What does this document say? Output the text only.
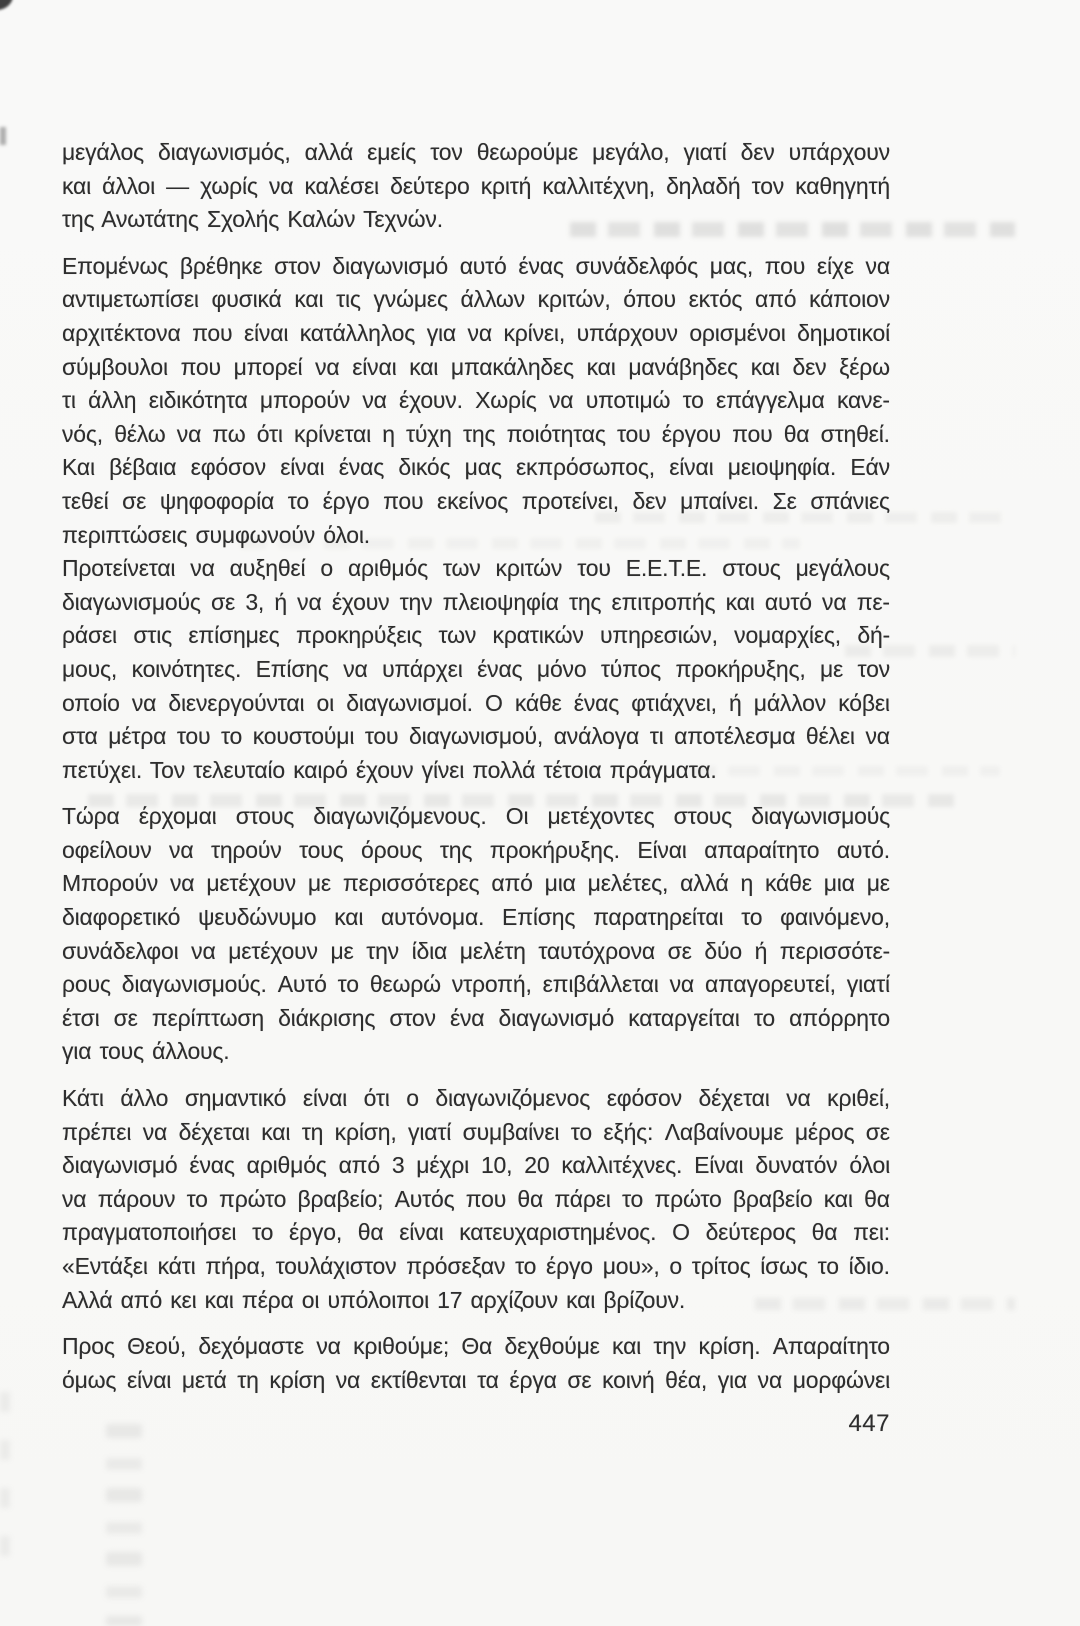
μεγάλος διαγωνισμός, αλλά εμείς τον θεωρούμε μεγάλο, γιατί δεν υπάρχουν
και άλλοι — χωρίς να καλέσει δεύτερο κριτή καλλιτέχνη, δηλαδή τον καθηγητή
της Ανωτάτης Σχολής Καλών Τεχνών.
Επομένως βρέθηκε στον διαγωνισμό αυτό ένας συνάδελφός μας, που είχε να
αντιμετωπίσει φυσικά και τις γνώμες άλλων κριτών, όπου εκτός από κάποιον
αρχιτέκτονα που είναι κατάλληλος για να κρίνει, υπάρχουν ορισμένοι δημοτικοί
σύμβουλοι που μπορεί να είναι και μπακάληδες και μανάβηδες και δεν ξέρω
τι άλλη ειδικότητα μπορούν να έχουν. Χωρίς να υποτιμώ το επάγγελμα κανε-
νός, θέλω να πω ότι κρίνεται η τύχη της ποιότητας του έργου που θα στηθεί.
Και βέβαια εφόσον είναι ένας δικός μας εκπρόσωπος, είναι μειοψηφία. Εάν
τεθεί σε ψηφοφορία το έργο που εκείνος προτείνει, δεν μπαίνει. Σε σπάνιες
περιπτώσεις συμφωνούν όλοι.
Προτείνεται να αυξηθεί ο αριθμός των κριτών του Ε.Ε.Τ.Ε. στους μεγάλους
διαγωνισμούς σε 3, ή να έχουν την πλειοψηφία της επιτροπής και αυτό να πε-
ράσει στις επίσημες προκηρύξεις των κρατικών υπηρεσιών, νομαρχίες, δή-
μους, κοινότητες. Επίσης να υπάρχει ένας μόνο τύπος προκήρυξης, με τον
οποίο να διενεργούνται οι διαγωνισμοί. Ο κάθε ένας φτιάχνει, ή μάλλον κόβει
στα μέτρα του το κουστούμι του διαγωνισμού, ανάλογα τι αποτέλεσμα θέλει να
πετύχει. Τον τελευταίο καιρό έχουν γίνει πολλά τέτοια πράγματα.
Τώρα έρχομαι στους διαγωνιζόμενους. Οι μετέχοντες στους διαγωνισμούς
οφείλουν να τηρούν τους όρους της προκήρυξης. Είναι απαραίτητο αυτό.
Μπορούν να μετέχουν με περισσότερες από μια μελέτες, αλλά η κάθε μια με
διαφορετικό ψευδώνυμο και αυτόνομα. Επίσης παρατηρείται το φαινόμενο,
συνάδελφοι να μετέχουν με την ίδια μελέτη ταυτόχρονα σε δύο ή περισσότε-
ρους διαγωνισμούς. Αυτό το θεωρώ ντροπή, επιβάλλεται να απαγορευτεί, γιατί
έτσι σε περίπτωση διάκρισης στον ένα διαγωνισμό καταργείται το απόρρητο
για τους άλλους.
Κάτι άλλο σημαντικό είναι ότι ο διαγωνιζόμενος εφόσον δέχεται να κριθεί,
πρέπει να δέχεται και τη κρίση, γιατί συμβαίνει το εξής: Λαβαίνουμε μέρος σε
διαγωνισμό ένας αριθμός από 3 μέχρι 10, 20 καλλιτέχνες. Είναι δυνατόν όλοι
να πάρουν το πρώτο βραβείο; Αυτός που θα πάρει το πρώτο βραβείο και θα
πραγματοποιήσει το έργο, θα είναι κατευχαριστημένος. Ο δεύτερος θα πει:
«Εντάξει κάτι πήρα, τουλάχιστον πρόσεξαν το έργο μου», ο τρίτος ίσως το ίδιο.
Αλλά από κει και πέρα οι υπόλοιποι 17 αρχίζουν και βρίζουν.
Προς Θεού, δεχόμαστε να κριθούμε; Θα δεχθούμε και την κρίση. Απαραίτητο
όμως είναι μετά τη κρίση να εκτίθενται τα έργα σε κοινή θέα, για να μορφώνει
447
